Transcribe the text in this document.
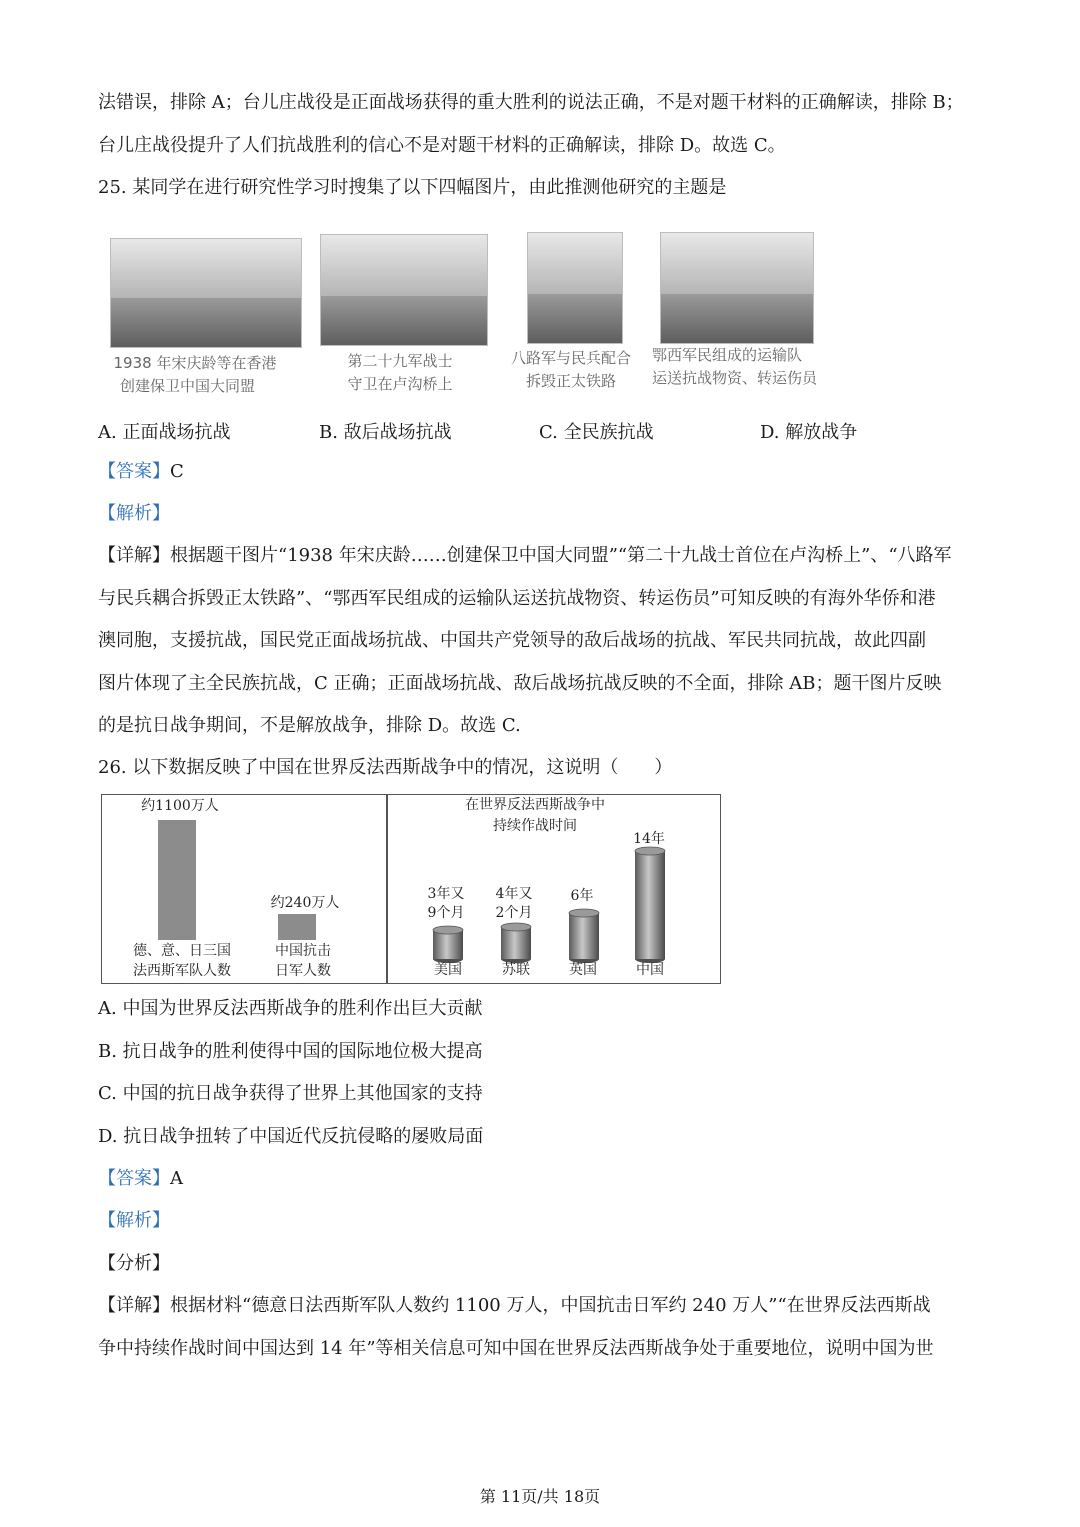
法错误，排除 A；台儿庄战役是正面战场获得的重大胜利的说法正确，不是对题干材料的正确解读，排除 B；
台儿庄战役提升了人们抗战胜利的信心不是对题干材料的正确解读，排除 D。故选 C。
25. 某同学在进行研究性学习时搜集了以下四幅图片，由此推测他研究的主题是
1938 年宋庆龄等在香港
创建保卫中国大同盟
第二十九军战士
守卫在卢沟桥上
八路军与民兵配合
拆毁正太铁路
鄂西军民组成的运输队
运送抗战物资、转运伤员
A. 正面战场抗战	B. 敌后战场抗战	C. 全民族抗战	D. 解放战争
【答案】C
【解析】
【详解】根据题干图片“1938 年宋庆龄……创建保卫中国大同盟”“第二十九战士首位在卢沟桥上”、“八路军
与民兵耦合拆毁正太铁路”、“鄂西军民组成的运输队运送抗战物资、转运伤员”可知反映的有海外华侨和港
澳同胞，支援抗战，国民党正面战场抗战、中国共产党领导的敌后战场的抗战、军民共同抗战，故此四副
图片体现了主全民族抗战，C 正确；正面战场抗战、敌后战场抗战反映的不全面，排除 AB；题干图片反映
的是抗日战争期间，不是解放战争，排除 D。故选 C.
26. 以下数据反映了中国在世界反法西斯战争中的情况，这说明（　　）
约1100万人
约240万人
德、意、日三国
法西斯军队人数
中国抗击
日军人数
在世界反法西斯战争中
持续作战时间
3年又
9个月
4年又
2个月
6年
14年
美国	苏联	英国	中国
A. 中国为世界反法西斯战争的胜利作出巨大贡献
B. 抗日战争的胜利使得中国的国际地位极大提高
C. 中国的抗日战争获得了世界上其他国家的支持
D. 抗日战争扭转了中国近代反抗侵略的屡败局面
【答案】A
【解析】
【分析】
【详解】根据材料“德意日法西斯军队人数约 1100 万人，中国抗击日军约 240 万人”“在世界反法西斯战
争中持续作战时间中国达到 14 年”等相关信息可知中国在世界反法西斯战争处于重要地位，说明中国为世
第 11页/共 18页
